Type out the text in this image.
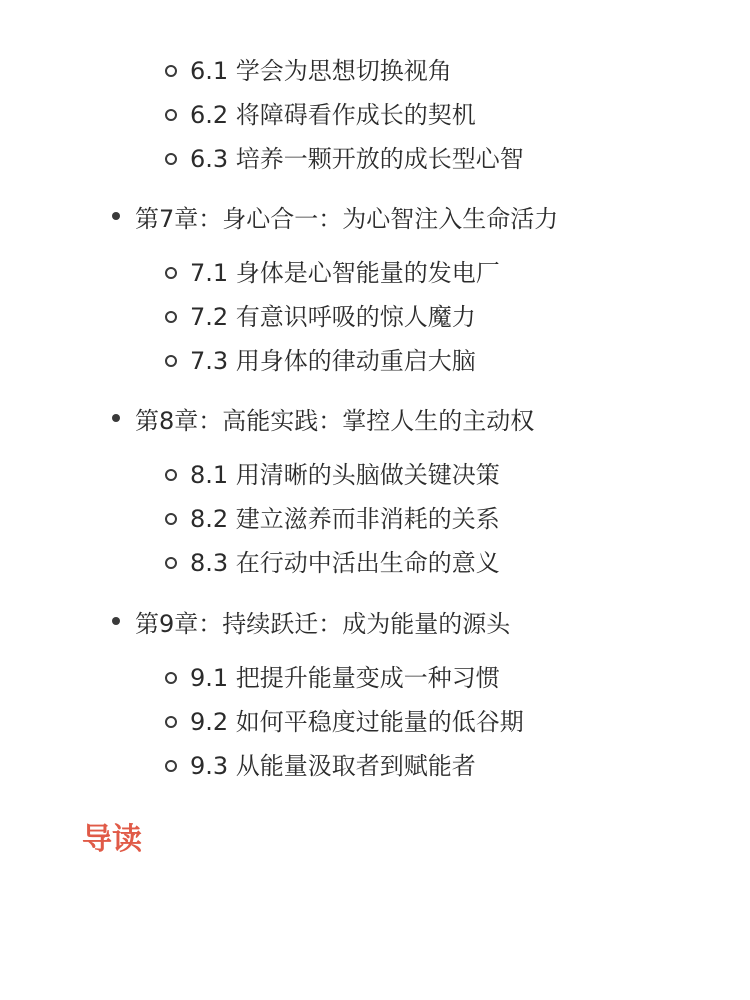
6.1 学会为思想切换视角
6.2 将障碍看作成长的契机
6.3 培养一颗开放的成长型心智
第7章：身心合一：为心智注入生命活力
7.1 身体是心智能量的发电厂
7.2 有意识呼吸的惊人魔力
7.3 用身体的律动重启大脑
第8章：高能实践：掌控人生的主动权
8.1 用清晰的头脑做关键决策
8.2 建立滋养而非消耗的关系
8.3 在行动中活出生命的意义
第9章：持续跃迁：成为能量的源头
9.1 把提升能量变成一种习惯
9.2 如何平稳度过能量的低谷期
9.3 从能量汲取者到赋能者
导读
